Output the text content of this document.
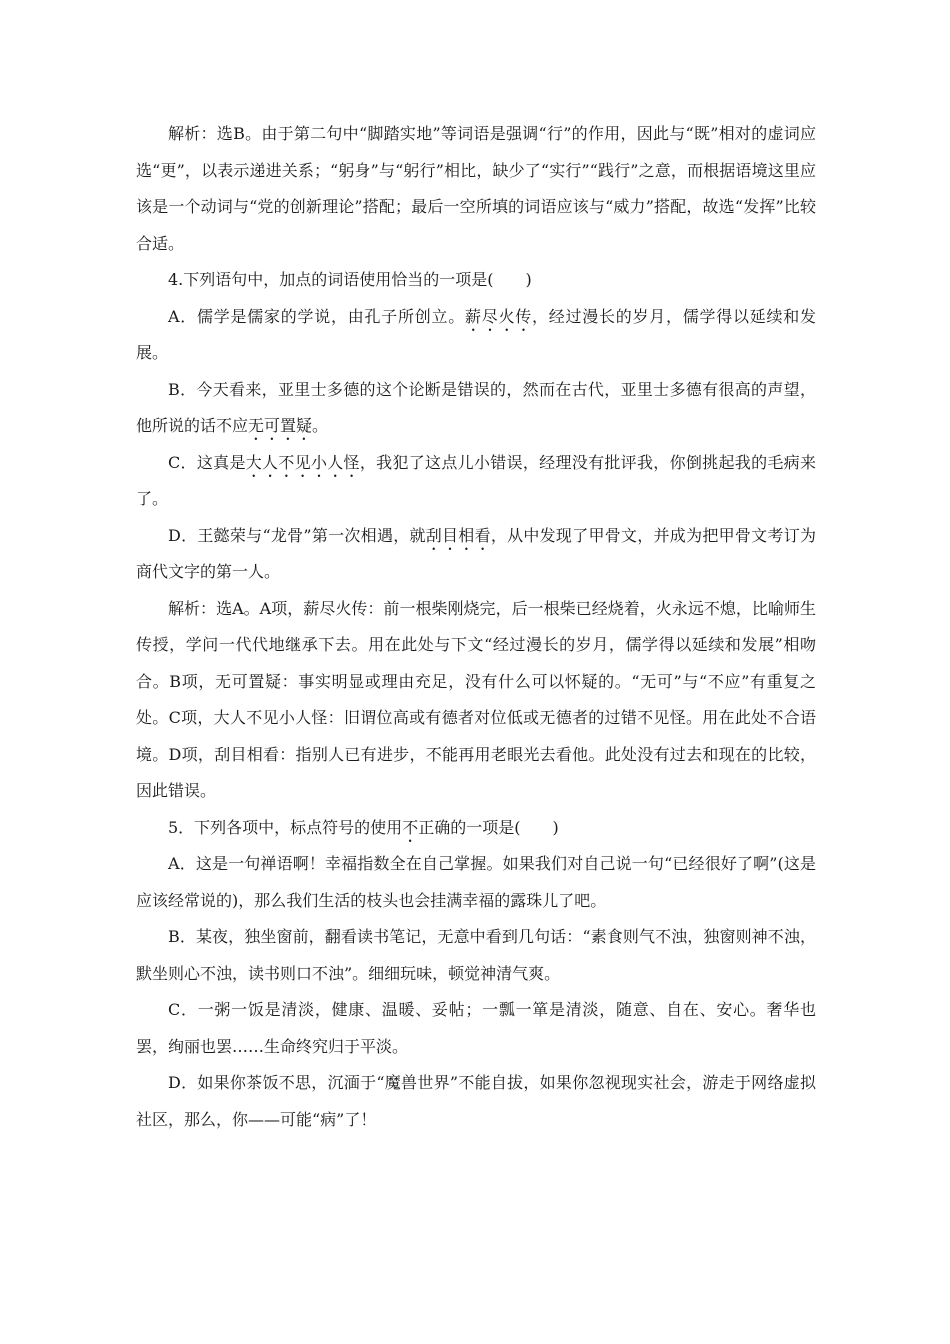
解析：选B。由于第二句中“脚踏实地”等词语是强调“行”的作用，因此与“既”相对的虚词应选“更”，以表示递进关系；“躬身”与“躬行”相比，缺少了“实行”“践行”之意，而根据语境这里应该是一个动词与“党的创新理论”搭配；最后一空所填的词语应该与“威力”搭配，故选“发挥”比较合适。

4.下列语句中，加点的词语使用恰当的一项是(　　)

A．儒学是儒家的学说，由孔子所创立。薪尽火传，经过漫长的岁月，儒学得以延续和发展。

B．今天看来，亚里士多德的这个论断是错误的，然而在古代，亚里士多德有很高的声望，他所说的话不应无可置疑。

C．这真是大人不见小人怪，我犯了这点儿小错误，经理没有批评我，你倒挑起我的毛病来了。

D．王懿荣与“龙骨”第一次相遇，就刮目相看，从中发现了甲骨文，并成为把甲骨文考订为商代文字的第一人。

解析：选A。A项，薪尽火传：前一根柴刚烧完，后一根柴已经烧着，火永远不熄，比喻师生传授，学问一代代地继承下去。用在此处与下文“经过漫长的岁月，儒学得以延续和发展”相吻合。B项，无可置疑：事实明显或理由充足，没有什么可以怀疑的。“无可”与“不应”有重复之处。C项，大人不见小人怪：旧谓位高或有德者对位低或无德者的过错不见怪。用在此处不合语境。D项，刮目相看：指别人已有进步，不能再用老眼光去看他。此处没有过去和现在的比较，因此错误。

5．下列各项中，标点符号的使用不正确的一项是(　　)

A．这是一句禅语啊！幸福指数全在自己掌握。如果我们对自己说一句“已经很好了啊”(这是应该经常说的)，那么我们生活的枝头也会挂满幸福的露珠儿了吧。

B．某夜，独坐窗前，翻看读书笔记，无意中看到几句话：“素食则气不浊，独窗则神不浊，默坐则心不浊，读书则口不浊”。细细玩味，顿觉神清气爽。

C．一粥一饭是清淡，健康、温暖、妥帖；一瓢一箪是清淡，随意、自在、安心。奢华也罢，绚丽也罢……生命终究归于平淡。

D．如果你茶饭不思，沉湎于“魔兽世界”不能自拔，如果你忽视现实社会，游走于网络虚拟社区，那么，你——可能“病”了！
